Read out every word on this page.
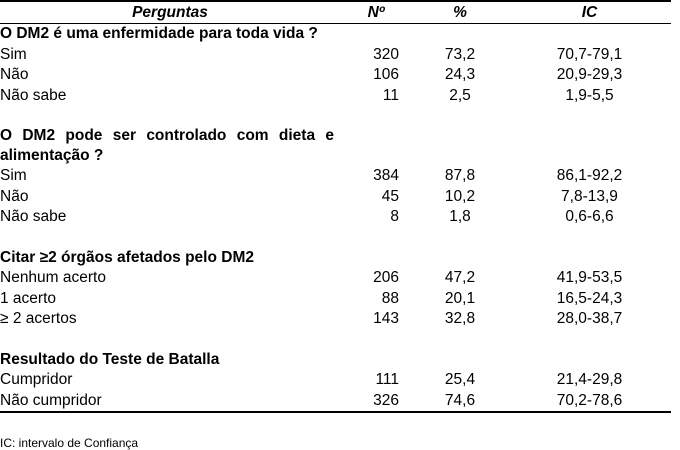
Perguntas	Nº	%	IC
O DM2 é uma enfermidade para toda vida ?			
Sim	320	73,2	70,7-79,1
Não	106	24,3	20,9-29,3
Não sabe	11	2,5	1,9-5,5

O DM2 pode ser controlado com dieta e alimentação ?			
Sim	384	87,8	86,1-92,2
Não	45	10,2	7,8-13,9
Não sabe	8	1,8	0,6-6,6

Citar ≥2 órgãos afetados pelo DM2			
Nenhum acerto	206	47,2	41,9-53,5
1 acerto	88	20,1	16,5-24,3
≥ 2 acertos	143	32,8	28,0-38,7

Resultado do Teste de Batalla			
Cumpridor	111	25,4	21,4-29,8
Não cumpridor	326	74,6	70,2-78,6
IC: intervalo de Confiança
